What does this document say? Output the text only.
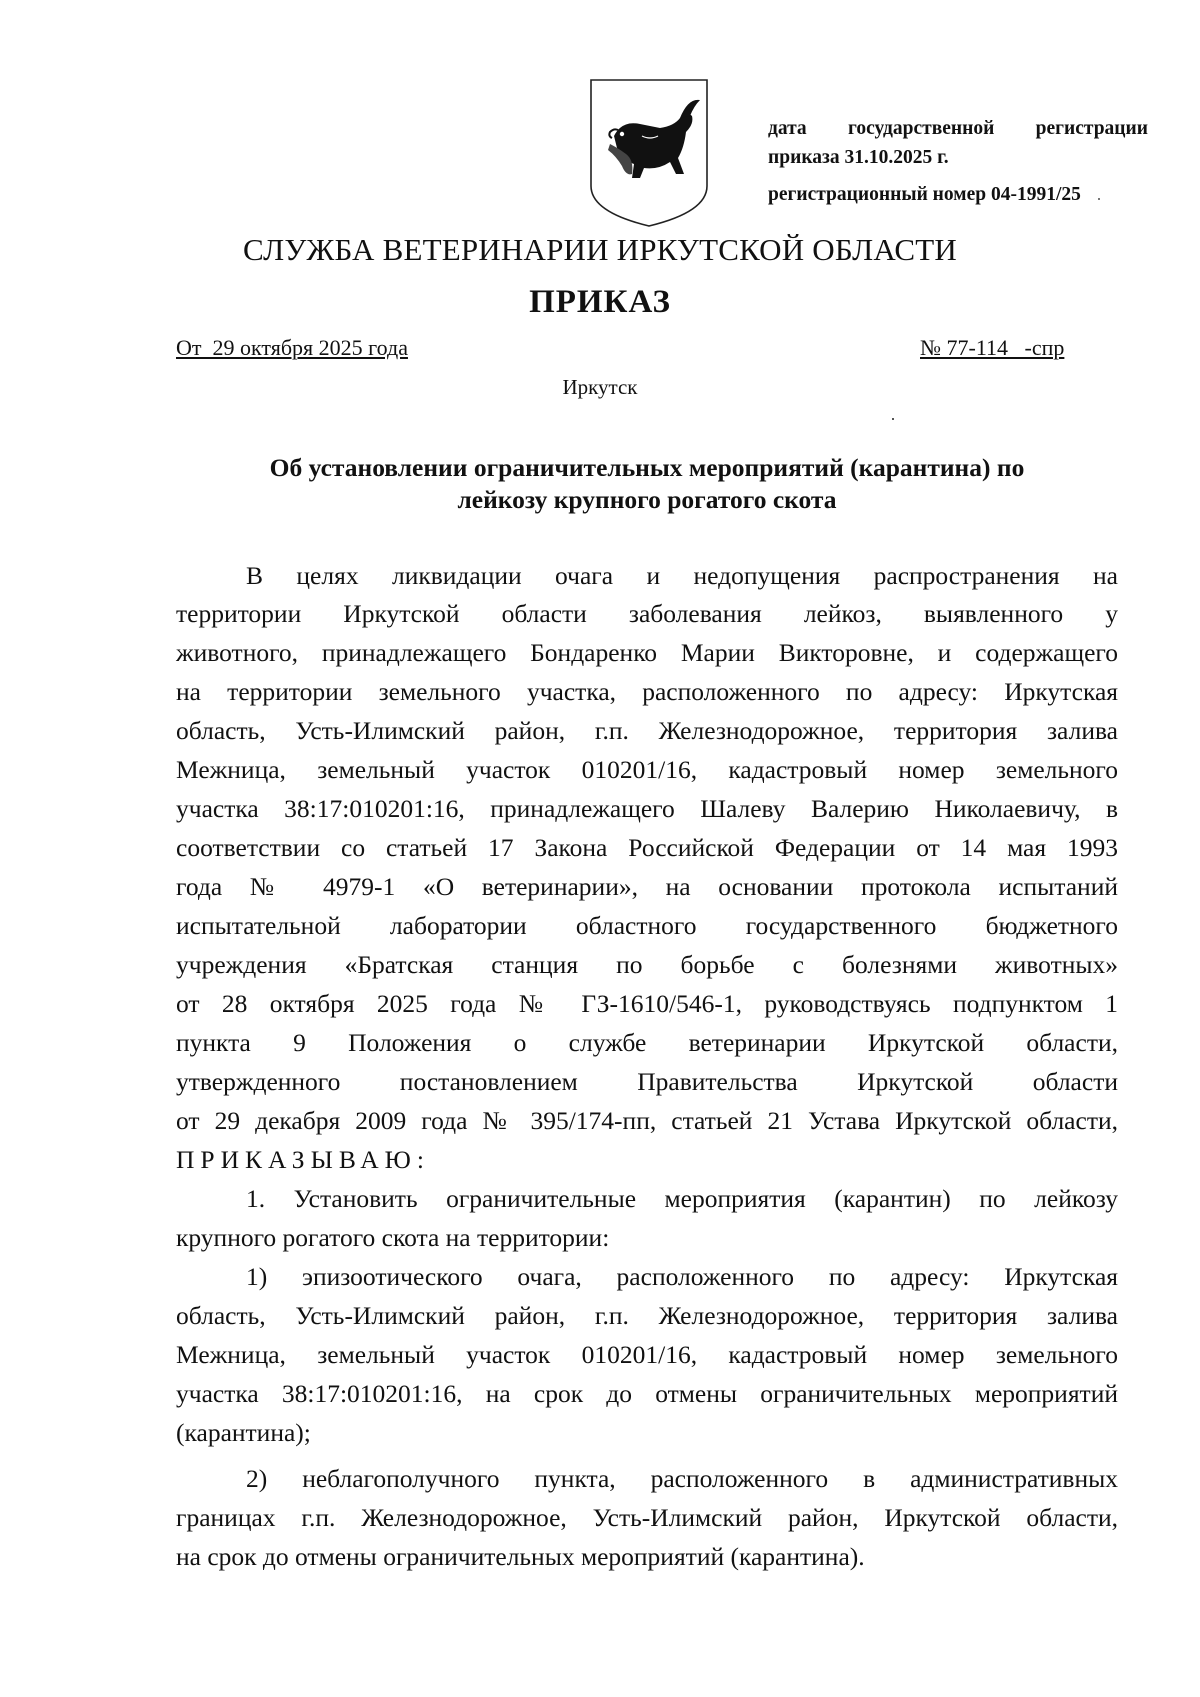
дата государственной регистрации
приказа 31.10.2025 г.
регистрационный номер 04-1991/25
СЛУЖБА ВЕТЕРИНАРИИ ИРКУТСКОЙ ОБЛАСТИ
ПРИКАЗ
От  29 октября 2025 года	№ 77-114   -спр
Иркутск
Об установлении ограничительных мероприятий (карантина) по
лейкозу крупного рогатого скота
В целях ликвидации очага и недопущения распространения на
территории Иркутской области заболевания лейкоз, выявленного у
животного, принадлежащего Бондаренко Марии Викторовне, и содержащего
на территории земельного участка, расположенного по адресу: Иркутская
область, Усть-Илимский район, г.п. Железнодорожное, территория залива
Межница, земельный участок 010201/16, кадастровый номер земельного
участка 38:17:010201:16, принадлежащего Шалеву Валерию Николаевичу, в
соответствии со статьей 17 Закона Российской Федерации от 14 мая 1993
года № 4979-1 «О ветеринарии», на основании протокола испытаний
испытательной лаборатории областного государственного бюджетного
учреждения «Братская станция по борьбе с болезнями животных»
от 28 октября 2025 года № ГЗ-1610/546-1, руководствуясь подпунктом 1
пункта 9 Положения о службе ветеринарии Иркутской области,
утвержденного постановлением Правительства Иркутской области
от 29 декабря 2009 года № 395/174-пп, статьей 21 Устава Иркутской области,
ПРИКАЗЫВАЮ:
1. Установить ограничительные мероприятия (карантин) по лейкозу
крупного рогатого скота на территории:
1) эпизоотического очага, расположенного по адресу: Иркутская
область, Усть-Илимский район, г.п. Железнодорожное, территория залива
Межница, земельный участок 010201/16, кадастровый номер земельного
участка 38:17:010201:16, на срок до отмены ограничительных мероприятий
(карантина);
2) неблагополучного пункта, расположенного в административных
границах г.п. Железнодорожное, Усть-Илимский район, Иркутской области,
на срок до отмены ограничительных мероприятий (карантина).
